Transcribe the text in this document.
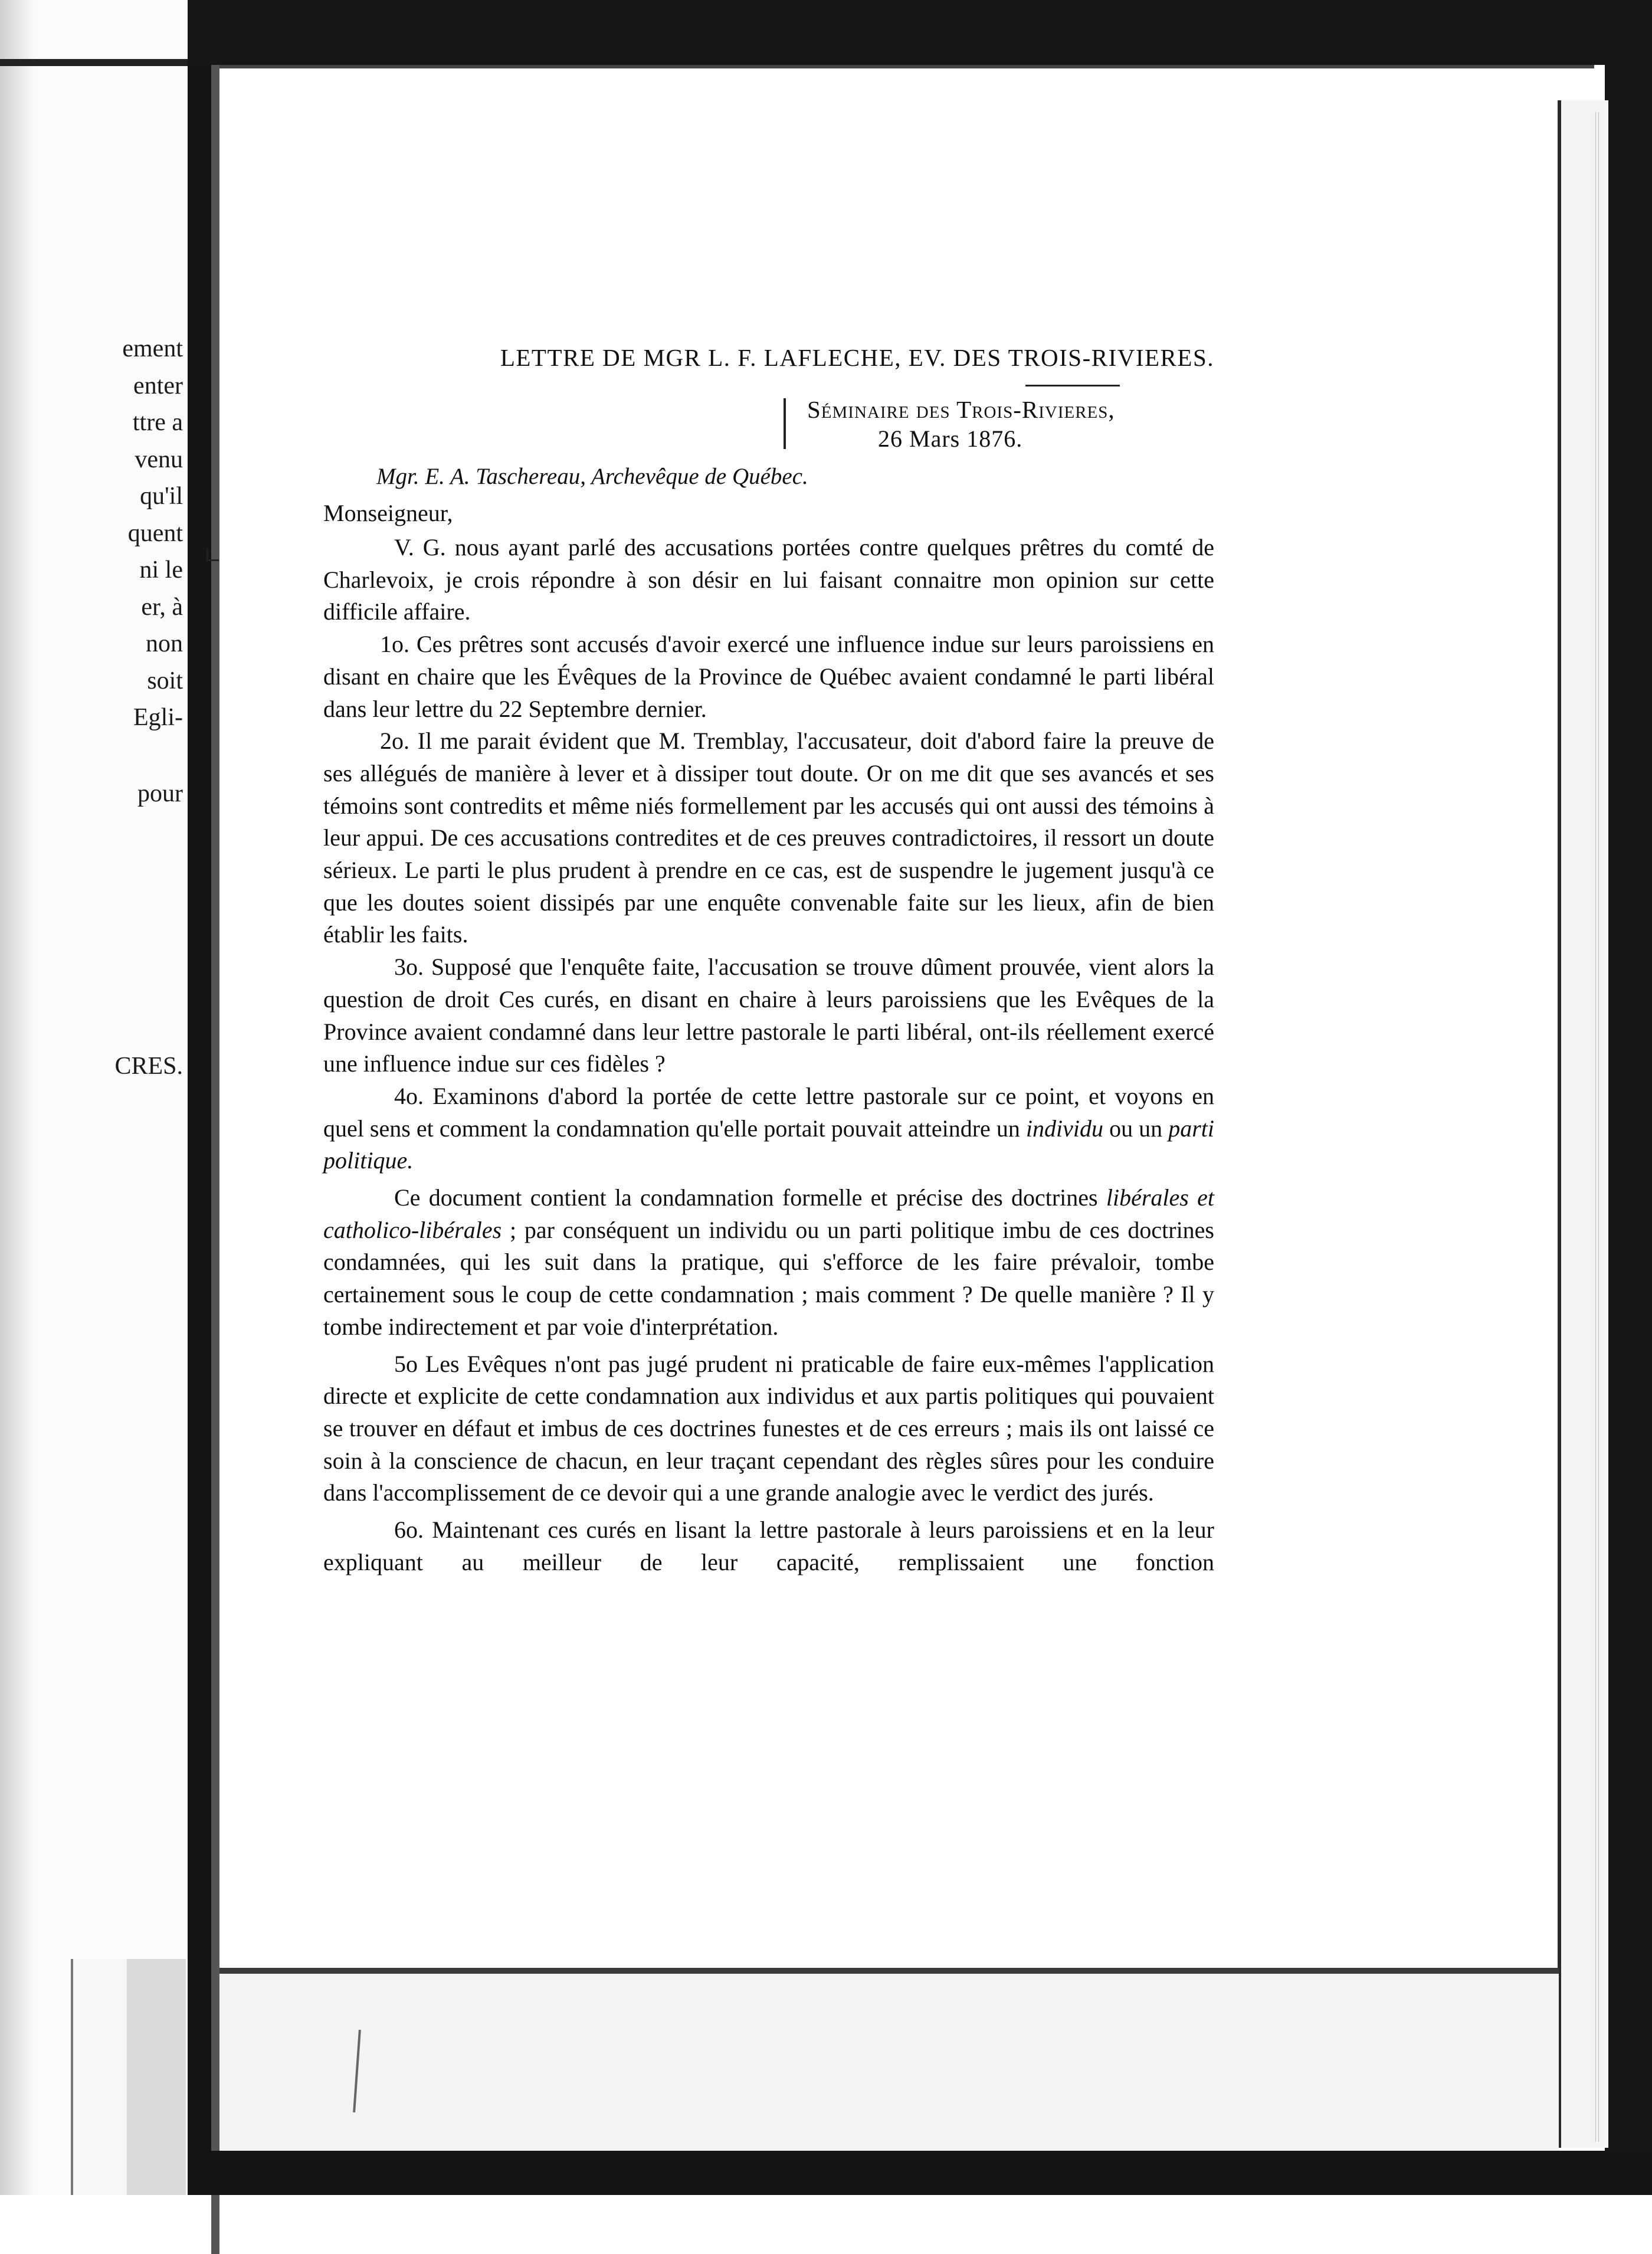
ement
enter
ttre a
venu
qu'il
quent
ni le
er, à
non
soit
Egli-
pour
CRES.
LETTRE DE MGR L. F. LAFLECHE, EV. DES TROIS-RIVIERES.
Séminaire des Trois-Rivieres,
26 Mars 1876.
Mgr. E. A. Taschereau, Archevêque de Québec.
Monseigneur,

V. G. nous ayant parlé des accusations portées contre quelques prêtres du comté de Charlevoix, je crois répondre à son désir en lui faisant connaitre mon opinion sur cette difficile affaire.

1o. Ces prêtres sont accusés d'avoir exercé une influence indue sur leurs paroissiens en disant en chaire que les Évêques de la Province de Québec avaient condamné le parti libéral dans leur lettre du 22 Septembre dernier.

2o. Il me parait évident que M. Tremblay, l'accusateur, doit d'abord faire la preuve de ses allégués de manière à lever et à dissiper tout doute. Or on me dit que ses avancés et ses témoins sont contredits et même niés formellement par les accusés qui ont aussi des témoins à leur appui. De ces accusations contredites et de ces preuves contradictoires, il ressort un doute sérieux. Le parti le plus prudent à prendre en ce cas, est de suspendre le jugement jusqu'à ce que les doutes soient dissipés par une enquête convenable faite sur les lieux, afin de bien établir les faits.

3o. Supposé que l'enquête faite, l'accusation se trouve dûment prouvée, vient alors la question de droit Ces curés, en disant en chaire à leurs paroissiens que les Evêques de la Province avaient condamné dans leur lettre pastorale le parti libéral, ont-ils réellement exercé une influence indue sur ces fidèles ?

4o. Examinons d'abord la portée de cette lettre pastorale sur ce point, et voyons en quel sens et comment la condamnation qu'elle portait pouvait atteindre un individu ou un parti politique.

Ce document contient la condamnation formelle et précise des doctrines libérales et catholico-libérales ; par conséquent un individu ou un parti politique imbu de ces doctrines condamnées, qui les suit dans la pratique, qui s'efforce de les faire prévaloir, tombe certainement sous le coup de cette condamnation ; mais comment ? De quelle manière ? Il y tombe indirectement et par voie d'interprétation.

5o Les Evêques n'ont pas jugé prudent ni praticable de faire eux-mêmes l'application directe et explicite de cette condamnation aux individus et aux partis politiques qui pouvaient se trouver en défaut et imbus de ces doctrines funestes et de ces erreurs ; mais ils ont laissé ce soin à la conscience de chacun, en leur traçant cependant des règles sûres pour les conduire dans l'accomplissement de ce devoir qui a une grande analogie avec le verdict des jurés.

6o. Maintenant ces curés en lisant la lettre pastorale à leurs paroissiens et en la leur expliquant au meilleur de leur capacité, remplissaient une fonction
